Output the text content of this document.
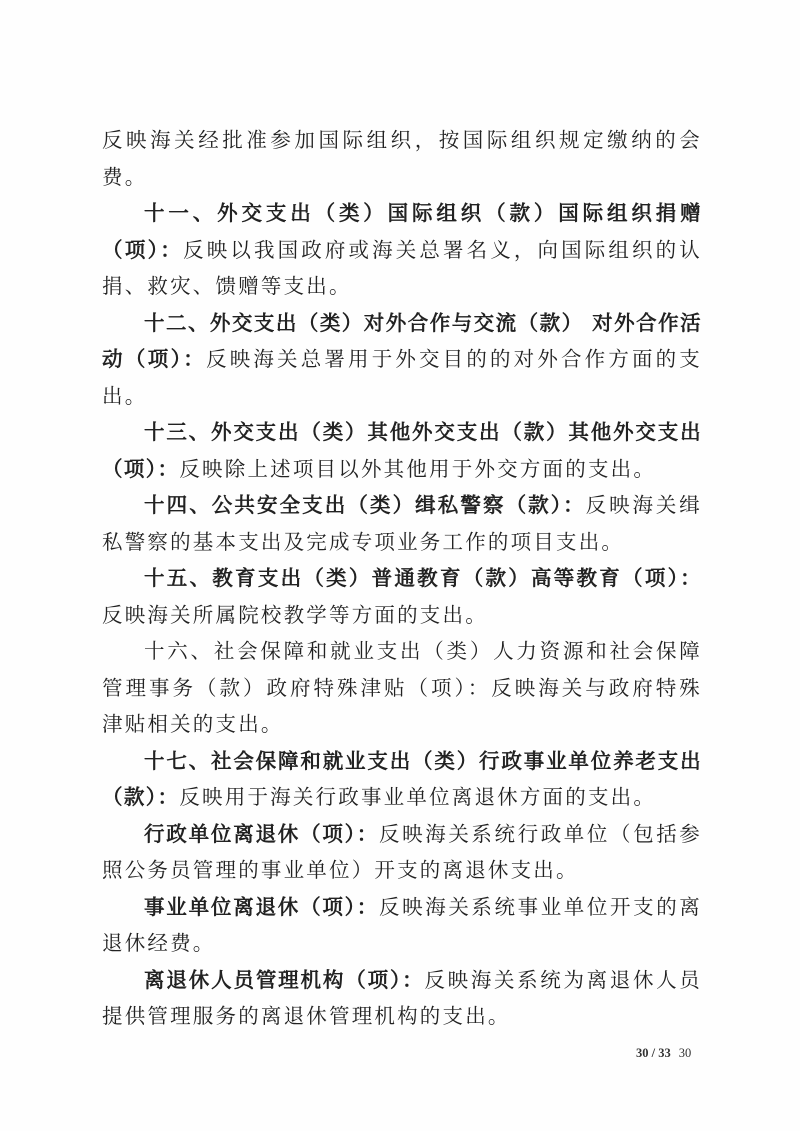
反映海关经批准参加国际组织，按国际组织规定缴纳的会费。

十一、外交支出（类）国际组织（款）国际组织捐赠（项）：反映以我国政府或海关总署名义，向国际组织的认捐、救灾、馈赠等支出。

十二、外交支出（类）对外合作与交流（款） 对外合作活动（项）：反映海关总署用于外交目的的对外合作方面的支出。

十三、外交支出（类）其他外交支出（款）其他外交支出（项）：反映除上述项目以外其他用于外交方面的支出。

十四、公共安全支出（类）缉私警察（款）：反映海关缉私警察的基本支出及完成专项业务工作的项目支出。

十五、教育支出（类）普通教育（款）高等教育（项）：反映海关所属院校教学等方面的支出。

十六、社会保障和就业支出（类）人力资源和社会保障管理事务（款）政府特殊津贴（项）：反映海关与政府特殊津贴相关的支出。

十七、社会保障和就业支出（类）行政事业单位养老支出（款）：反映用于海关行政事业单位离退休方面的支出。

行政单位离退休（项）：反映海关系统行政单位（包括参照公务员管理的事业单位）开支的离退休支出。

事业单位离退休（项）：反映海关系统事业单位开支的离退休经费。

离退休人员管理机构（项）：反映海关系统为离退休人员提供管理服务的离退休管理机构的支出。

30 / 33 30
